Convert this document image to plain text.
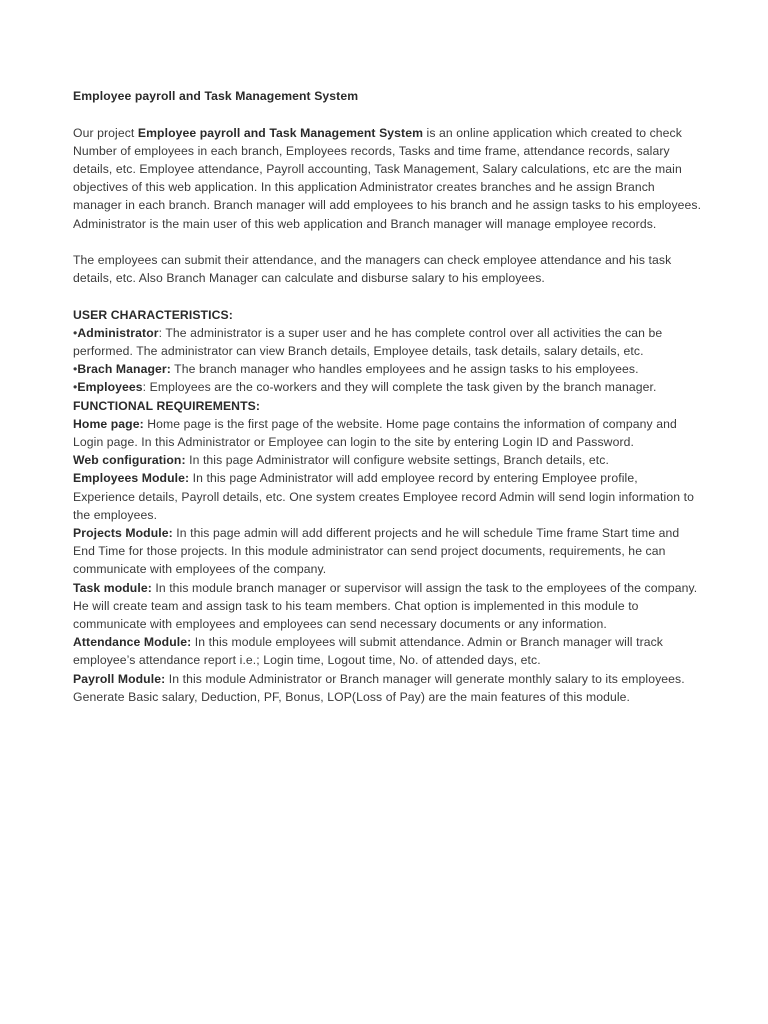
Employee payroll and Task Management System

Our project Employee payroll and Task Management System is an online application which created to check Number of employees in each branch, Employees records, Tasks and time frame, attendance records, salary details, etc. Employee attendance, Payroll accounting, Task Management, Salary calculations, etc are the main objectives of this web application. In this application Administrator creates branches and he assign Branch manager in each branch. Branch manager will add employees to his branch and he assign tasks to his employees. Administrator is the main user of this web application and Branch manager will manage employee records.

The employees can submit their attendance, and the managers can check employee attendance and his task details, etc. Also Branch Manager can calculate and disburse salary to his employees.

USER CHARACTERISTICS:

•Administrator: The administrator is a super user and he has complete control over all activities the can be performed. The administrator can view Branch details, Employee details, task details, salary details, etc.

•Brach Manager: The branch manager who handles employees and he assign tasks to his employees.

•Employees: Employees are the co-workers and they will complete the task given by the branch manager.

FUNCTIONAL REQUIREMENTS:

Home page: Home page is the first page of the website. Home page contains the information of company and Login page. In this Administrator or Employee can login to the site by entering Login ID and Password.

Web configuration: In this page Administrator will configure website settings, Branch details, etc.

Employees Module: In this page Administrator will add employee record by entering Employee profile, Experience details, Payroll details, etc. One system creates Employee record Admin will send login information to the employees.

Projects Module: In this page admin will add different projects and he will schedule Time frame Start time and End Time for those projects. In this module administrator can send project documents, requirements, he can communicate with employees of the company.

Task module: In this module branch manager or supervisor will assign the task to the employees of the company. He will create team and assign task to his team members. Chat option is implemented in this module to communicate with employees and employees can send necessary documents or any information.

Attendance Module: In this module employees will submit attendance. Admin or Branch manager will track employee’s attendance report i.e.; Login time, Logout time, No. of attended days, etc.

Payroll Module: In this module Administrator or Branch manager will generate monthly salary to its employees. Generate Basic salary, Deduction, PF, Bonus, LOP(Loss of Pay) are the main features of this module.
